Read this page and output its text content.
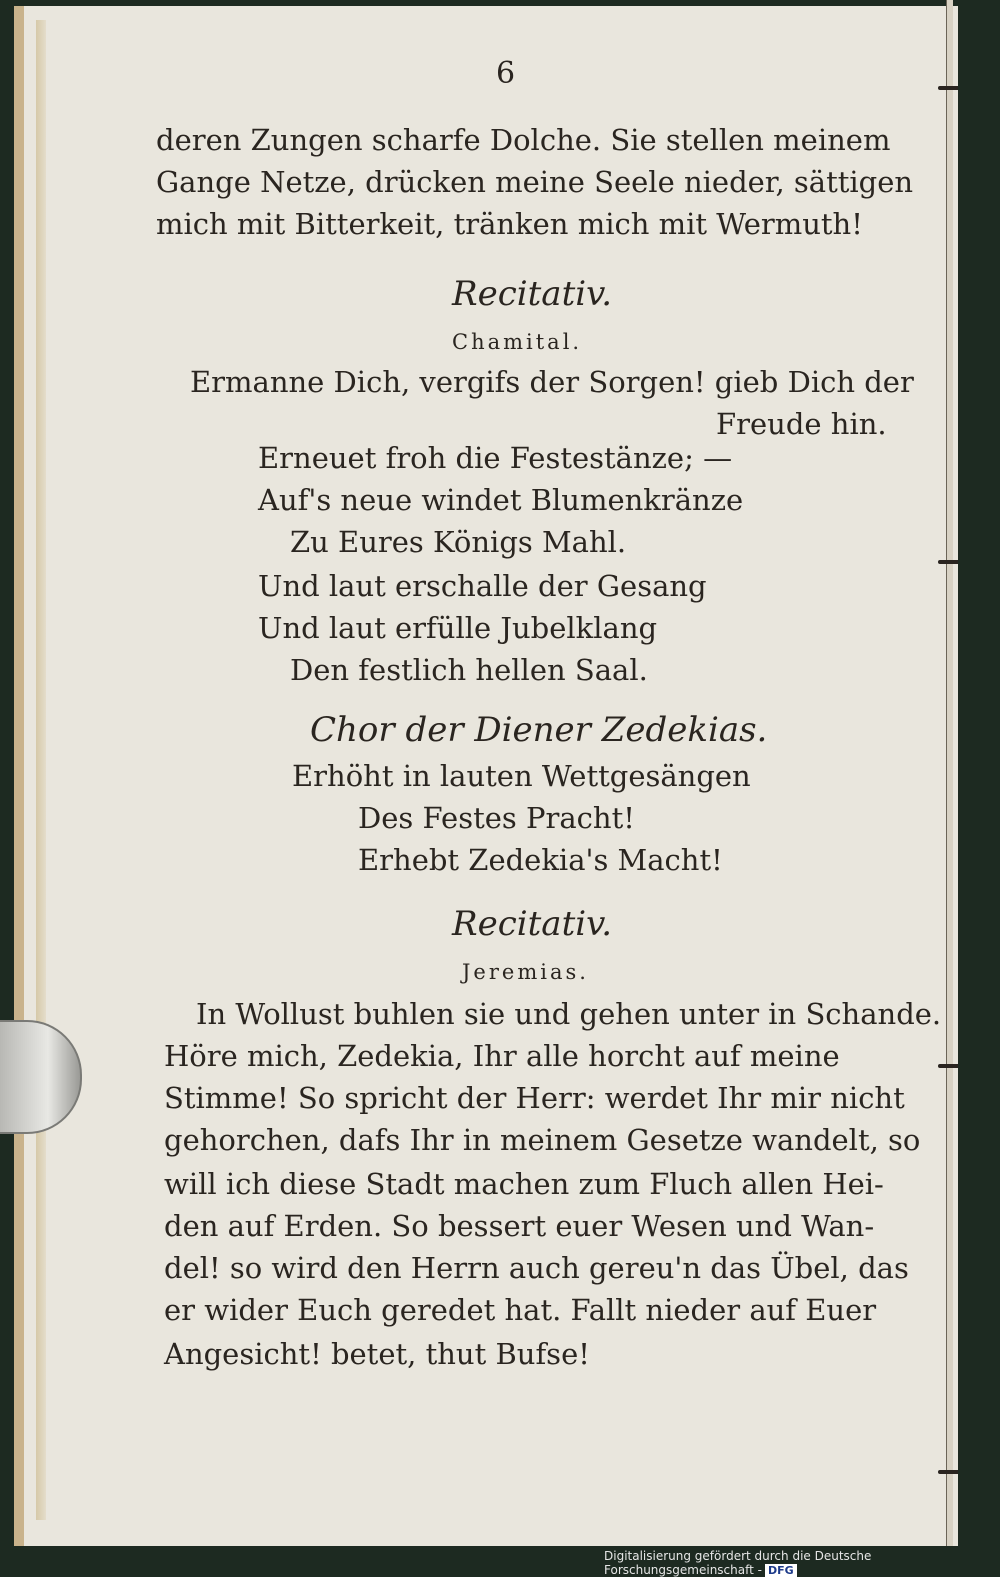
6
deren Zungen scharfe Dolche. Sie stellen meinem
Gange Netze, drücken meine Seele nieder, sättigen
mich mit Bitterkeit, tränken mich mit Wermuth!
Recitativ.
Chamital.
Ermanne Dich, vergifs der Sorgen! gieb Dich der
Freude hin.
Erneuet froh die Festestänze; —
Auf's neue windet Blumenkränze
Zu Eures Königs Mahl.
Und laut erschalle der Gesang
Und laut erfülle Jubelklang
Den festlich hellen Saal.
Chor der Diener Zedekias.
Erhöht in lauten Wettgesängen
Des Festes Pracht!
Erhebt Zedekia's Macht!
Recitativ.
Jeremias.
In Wollust buhlen sie und gehen unter in Schande.
Höre mich, Zedekia, Ihr alle horcht auf meine
Stimme! So spricht der Herr: werdet Ihr mir nicht
gehorchen, dafs Ihr in meinem Gesetze wandelt, so
will ich diese Stadt machen zum Fluch allen Hei-
den auf Erden. So bessert euer Wesen und Wan-
del! so wird den Herrn auch gereu'n das Übel, das
er wider Euch geredet hat. Fallt nieder auf Euer
Angesicht! betet, thut Bufse!
Digitalisierung gefördert durch die Deutsche Forschungsgemeinschaft - DFG
